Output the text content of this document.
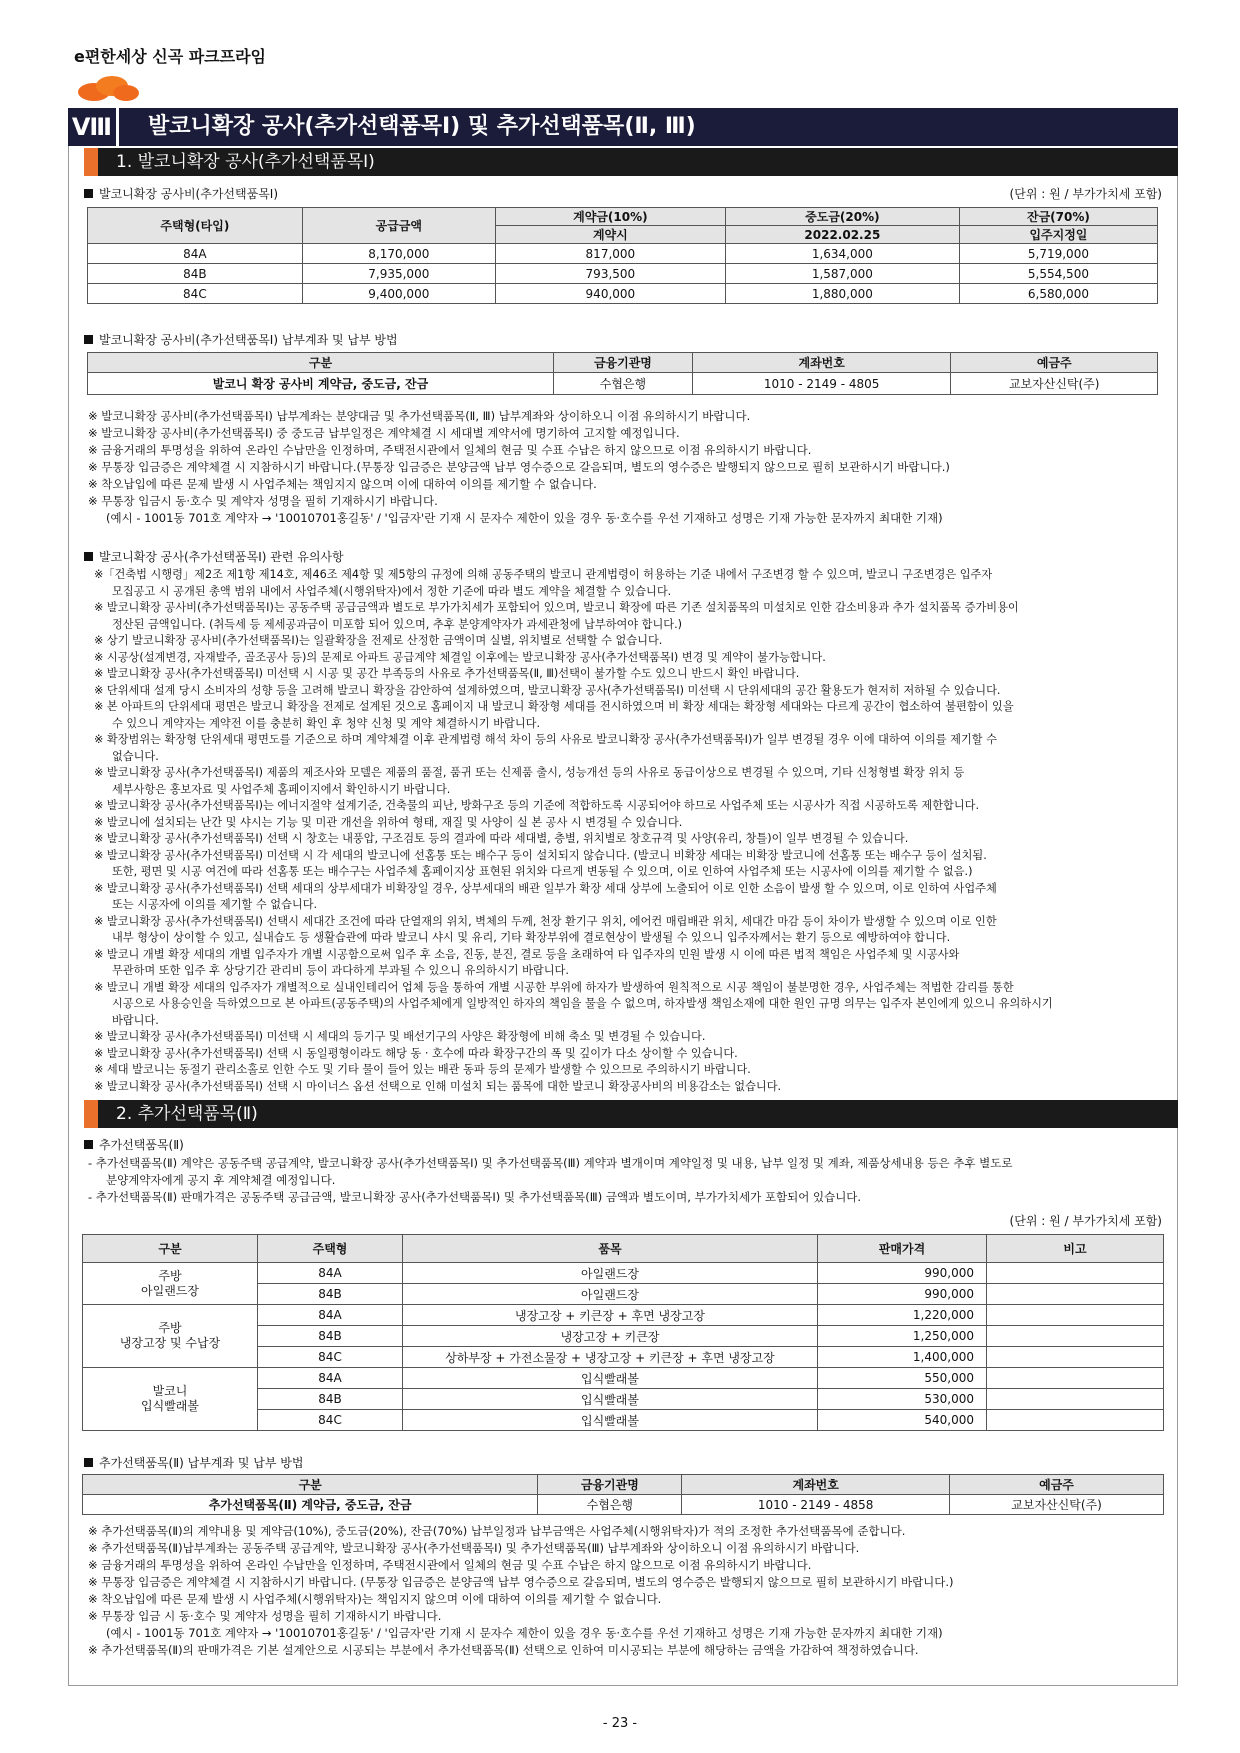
e편한세상 신곡 파크프라임
Ⅷ	발코니확장 공사(추가선택품목Ⅰ) 및 추가선택품목(Ⅱ, Ⅲ)
1. 발코니확장 공사(추가선택품목Ⅰ)
발코니확장 공사비(추가선택품목Ⅰ)	(단위 : 원 / 부가가치세 포함)
주택형(타입)	공급금액	계약금(10%)	중도금(20%)	잔금(70%)
		계약시	2022.02.25	입주지정일
84A	8,170,000	817,000	1,634,000	5,719,000
84B	7,935,000	793,500	1,587,000	5,554,500
84C	9,400,000	940,000	1,880,000	6,580,000
발코니확장 공사비(추가선택품목Ⅰ) 납부계좌 및 납부 방법
구분	금융기관명	계좌번호	예금주
발코니 확장 공사비 계약금, 중도금, 잔금	수협은행	1010 - 2149 - 4805	교보자산신탁(주)
※ 발코니확장 공사비(추가선택품목Ⅰ) 납부계좌는 분양대금 및 추가선택품목(Ⅱ, Ⅲ) 납부계좌와 상이하오니 이점 유의하시기 바랍니다.
※ 발코니확장 공사비(추가선택품목Ⅰ) 중 중도금 납부일정은 계약체결 시 세대별 계약서에 명기하여 고지할 예정입니다.
※ 금융거래의 투명성을 위하여 온라인 수납만을 인정하며, 주택전시관에서 일체의 현금 및 수표 수납은 하지 않으므로 이점 유의하시기 바랍니다.
※ 무통장 입금증은 계약체결 시 지참하시기 바랍니다.(무통장 입금증은 분양금액 납부 영수증으로 갈음되며, 별도의 영수증은 발행되지 않으므로 필히 보관하시기 바랍니다.)
※ 착오납입에 따른 문제 발생 시 사업주체는 책임지지 않으며 이에 대하여 이의를 제기할 수 없습니다.
※ 무통장 입금시 동·호수 및 계약자 성명을 필히 기재하시기 바랍니다.
(예시 - 1001동 701호 계약자 → '10010701홍길동' / '입금자'란 기재 시 문자수 제한이 있을 경우 동·호수를 우선 기재하고 성명은 기재 가능한 문자까지 최대한 기재)
발코니확장 공사(추가선택품목Ⅰ) 관련 유의사항
※「건축법 시행령」제2조 제1항 제14호, 제46조 제4항 및 제5항의 규정에 의해 공동주택의 발코니 관계법령이 허용하는 기준 내에서 구조변경 할 수 있으며, 발코니 구조변경은 입주자
모집공고 시 공개된 총액 범위 내에서 사업주체(시행위탁자)에서 정한 기준에 따라 별도 계약을 체결할 수 있습니다.
※ 발코니확장 공사비(추가선택품목Ⅰ)는 공동주택 공급금액과 별도로 부가가치세가 포함되어 있으며, 발코니 확장에 따른 기존 설치품목의 미설치로 인한 감소비용과 추가 설치품목 증가비용이
정산된 금액입니다. (취득세 등 제세공과금이 미포함 되어 있으며, 추후 분양계약자가 과세관청에 납부하여야 합니다.)
※ 상기 발코니확장 공사비(추가선택품목Ⅰ)는 일괄확장을 전제로 산정한 금액이며 실별, 위치별로 선택할 수 없습니다.
※ 시공상(설계변경, 자재발주, 골조공사 등)의 문제로 아파트 공급계약 체결일 이후에는 발코니확장 공사(추가선택품목Ⅰ) 변경 및 계약이 불가능합니다.
※ 발코니확장 공사(추가선택품목Ⅰ) 미선택 시 시공 및 공간 부족등의 사유로 추가선택품목(Ⅱ, Ⅲ)선택이 불가할 수도 있으니 반드시 확인 바랍니다.
※ 단위세대 설계 당시 소비자의 성향 등을 고려해 발코니 확장을 감안하여 설계하였으며, 발코니확장 공사(추가선택품목Ⅰ) 미선택 시 단위세대의 공간 활용도가 현저히 저하될 수 있습니다.
※ 본 아파트의 단위세대 평면은 발코니 확장을 전제로 설계된 것으로 홈페이지 내 발코니 확장형 세대를 전시하였으며 비 확장 세대는 확장형 세대와는 다르게 공간이 협소하여 불편함이 있을
수 있으니 계약자는 계약전 이를 충분히 확인 후 청약 신청 및 계약 체결하시기 바랍니다.
※ 확장범위는 확장형 단위세대 평면도를 기준으로 하며 계약체결 이후 관계법령 해석 차이 등의 사유로 발코니확장 공사(추가선택품목Ⅰ)가 일부 변경될 경우 이에 대하여 이의를 제기할 수
없습니다.
※ 발코니확장 공사(추가선택품목Ⅰ) 제품의 제조사와 모델은 제품의 품절, 품귀 또는 신제품 출시, 성능개선 등의 사유로 동급이상으로 변경될 수 있으며, 기타 신청형별 확장 위치 등
세부사항은 홍보자료 및 사업주체 홈페이지에서 확인하시기 바랍니다.
※ 발코니확장 공사(추가선택품목Ⅰ)는 에너지절약 설계기준, 건축물의 피난, 방화구조 등의 기준에 적합하도록 시공되어야 하므로 사업주체 또는 시공사가 직접 시공하도록 제한합니다.
※ 발코니에 설치되는 난간 및 샤시는 기능 및 미관 개선을 위하여 형태, 재질 및 사양이 실 본 공사 시 변경될 수 있습니다.
※ 발코니확장 공사(추가선택품목Ⅰ) 선택 시 창호는 내풍압, 구조검토 등의 결과에 따라 세대별, 층별, 위치별로 창호규격 및 사양(유리, 창틀)이 일부 변경될 수 있습니다.
※ 발코니확장 공사(추가선택품목Ⅰ) 미선택 시 각 세대의 발코니에 선홈통 또는 배수구 등이 설치되지 않습니다. (발코니 비확장 세대는 비확장 발코니에 선홈통 또는 배수구 등이 설치됨.
또한, 평면 및 시공 여건에 따라 선홈통 또는 배수구는 사업주체 홈페이지상 표현된 위치와 다르게 변동될 수 있으며, 이로 인하여 사업주체 또는 시공사에 이의를 제기할 수 없음.)
※ 발코니확장 공사(추가선택품목Ⅰ) 선택 세대의 상부세대가 비확장일 경우, 상부세대의 배관 일부가 확장 세대 상부에 노출되어 이로 인한 소음이 발생 할 수 있으며, 이로 인하여 사업주체
또는 시공자에 이의를 제기할 수 없습니다.
※ 발코니확장 공사(추가선택품목Ⅰ) 선택시 세대간 조건에 따라 단열재의 위치, 벽체의 두께, 천장 환기구 위치, 에어컨 매립배관 위치, 세대간 마감 등이 차이가 발생할 수 있으며 이로 인한
내부 형상이 상이할 수 있고, 실내습도 등 생활습관에 따라 발코니 샤시 및 유리, 기타 확장부위에 결로현상이 발생될 수 있으니 입주자께서는 환기 등으로 예방하여야 합니다.
※ 발코니 개별 확장 세대의 개별 입주자가 개별 시공함으로써 입주 후 소음, 진동, 분진, 결로 등을 초래하여 타 입주자의 민원 발생 시 이에 따른 법적 책임은 사업주체 및 시공사와
무관하며 또한 입주 후 상당기간 관리비 등이 과다하게 부과될 수 있으니 유의하시기 바랍니다.
※ 발코니 개별 확장 세대의 입주자가 개별적으로 실내인테리어 업체 등을 통하여 개별 시공한 부위에 하자가 발생하여 원칙적으로 시공 책임이 불분명한 경우, 사업주체는 적법한 감리를 통한
시공으로 사용승인을 득하였으므로 본 아파트(공동주택)의 사업주체에게 일방적인 하자의 책임을 물을 수 없으며, 하자발생 책임소재에 대한 원인 규명 의무는 입주자 본인에게 있으니 유의하시기
바랍니다.
※ 발코니확장 공사(추가선택품목Ⅰ) 미선택 시 세대의 등기구 및 배선기구의 사양은 확장형에 비해 축소 및 변경될 수 있습니다.
※ 발코니확장 공사(추가선택품목Ⅰ) 선택 시 동일평형이라도 해당 동 · 호수에 따라 확장구간의 폭 및 깊이가 다소 상이할 수 있습니다.
※ 세대 발코니는 동절기 관리소홀로 인한 수도 및 기타 물이 들어 있는 배관 동파 등의 문제가 발생할 수 있으므로 주의하시기 바랍니다.
※ 발코니확장 공사(추가선택품목Ⅰ) 선택 시 마이너스 옵션 선택으로 인해 미설치 되는 품목에 대한 발코니 확장공사비의 비용감소는 없습니다.
2. 추가선택품목(Ⅱ)
추가선택품목(Ⅱ)
- 추가선택품목(Ⅱ) 계약은 공동주택 공급계약, 발코니확장 공사(추가선택품목Ⅰ) 및 추가선택품목(Ⅲ) 계약과 별개이며 계약일정 및 내용, 납부 일정 및 계좌, 제품상세내용 등은 추후 별도로
분양계약자에게 공지 후 계약체결 예정입니다.
- 추가선택품목(Ⅱ) 판매가격은 공동주택 공급금액, 발코니확장 공사(추가선택품목Ⅰ) 및 추가선택품목(Ⅲ) 금액과 별도이며, 부가가치세가 포함되어 있습니다.
(단위 : 원 / 부가가치세 포함)
구분	주택형	품목	판매가격	비고
주방
아일랜드장	84A	아일랜드장	990,000	
	84B	아일랜드장	990,000	
주방
냉장고장 및 수납장	84A	냉장고장 + 키큰장 + 후면 냉장고장	1,220,000	
	84B	냉장고장 + 키큰장	1,250,000	
	84C	상하부장 + 가전소물장 + 냉장고장 + 키큰장 + 후면 냉장고장	1,400,000	
발코니
입식빨래볼	84A	입식빨래볼	550,000	
	84B	입식빨래볼	530,000	
	84C	입식빨래볼	540,000	
추가선택품목(Ⅱ) 납부계좌 및 납부 방법
구분	금융기관명	계좌번호	예금주
추가선택품목(Ⅱ) 계약금, 중도금, 잔금	수협은행	1010 - 2149 - 4858	교보자산신탁(주)
※ 추가선택품목(Ⅱ)의 계약내용 및 계약금(10%), 중도금(20%), 잔금(70%) 납부일정과 납부금액은 사업주체(시행위탁자)가 적의 조정한 추가선택품목에 준합니다.
※ 추가선택품목(Ⅱ)납부계좌는 공동주택 공급계약, 발코니확장 공사(추가선택품목Ⅰ) 및 추가선택품목(Ⅲ) 납부계좌와 상이하오니 이점 유의하시기 바랍니다.
※ 금융거래의 투명성을 위하여 온라인 수납만을 인정하며, 주택전시관에서 일체의 현금 및 수표 수납은 하지 않으므로 이점 유의하시기 바랍니다.
※ 무통장 입금증은 계약체결 시 지참하시기 바랍니다. (무통장 입금증은 분양금액 납부 영수증으로 갈음되며, 별도의 영수증은 발행되지 않으므로 필히 보관하시기 바랍니다.)
※ 착오납입에 따른 문제 발생 시 사업주체(시행위탁자)는 책임지지 않으며 이에 대하여 이의를 제기할 수 없습니다.
※ 무통장 입금 시 동·호수 및 계약자 성명을 필히 기재하시기 바랍니다.
(예시 - 1001동 701호 계약자 → '10010701홍길동' / '입금자'란 기재 시 문자수 제한이 있을 경우 동·호수를 우선 기재하고 성명은 기재 가능한 문자까지 최대한 기재)
※ 추가선택품목(Ⅱ)의 판매가격은 기본 설계안으로 시공되는 부분에서 추가선택품목(Ⅱ) 선택으로 인하여 미시공되는 부분에 해당하는 금액을 가감하여 책정하였습니다.
- 23 -
